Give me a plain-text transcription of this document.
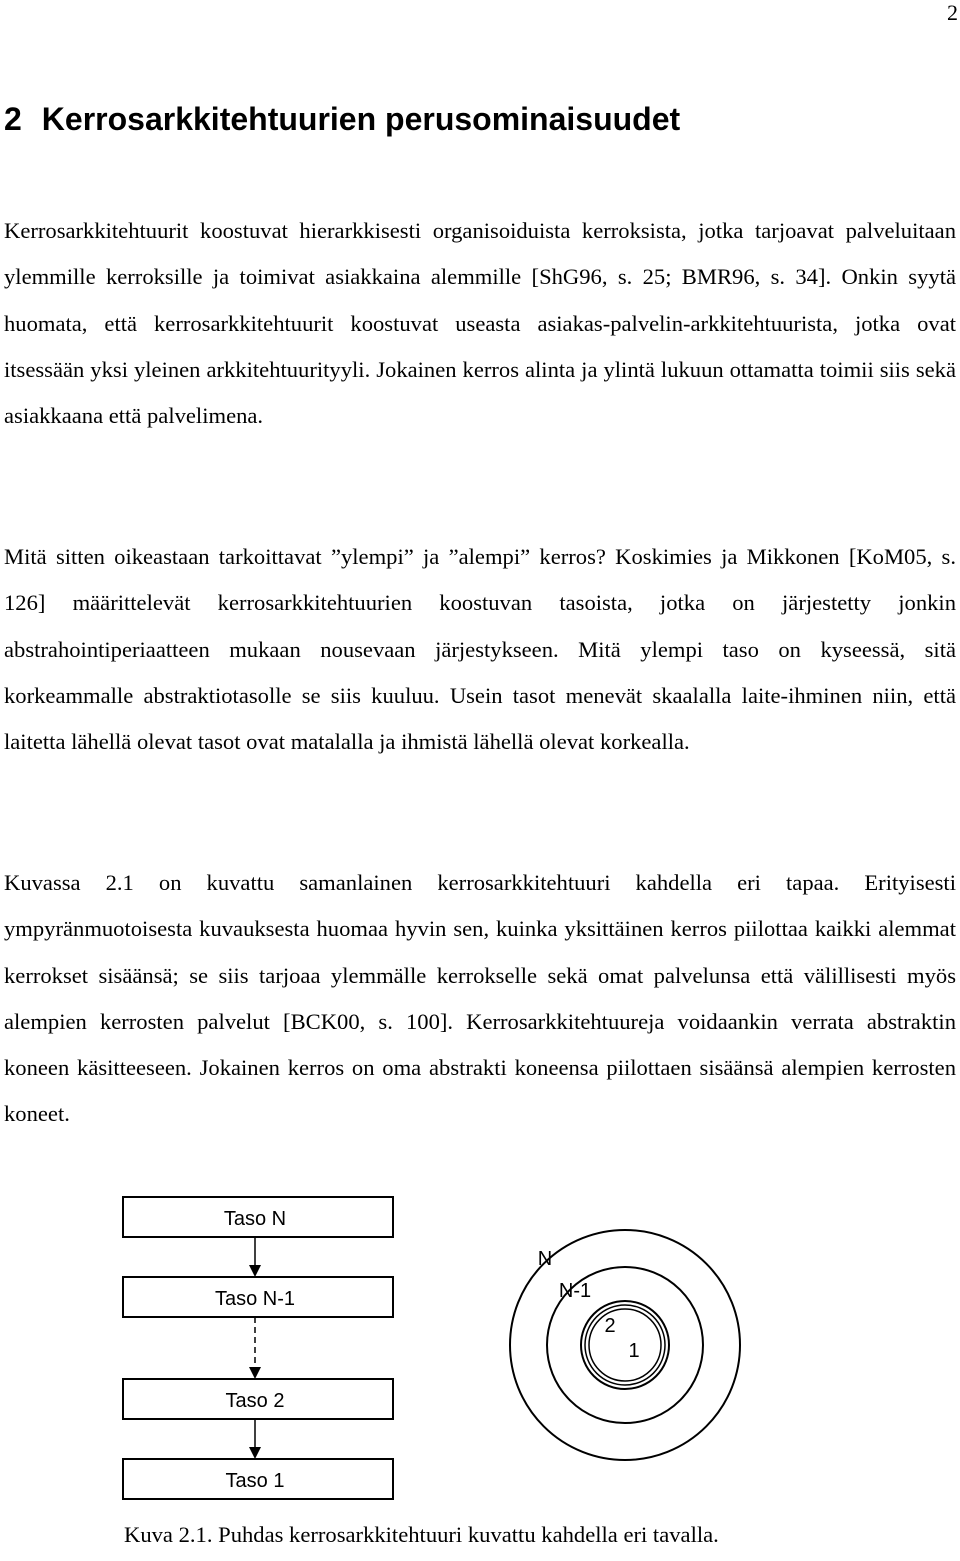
2
2 Kerrosarkkitehtuurien perusominaisuudet

Kerrosarkkitehtuurit koostuvat hierarkkisesti organisoiduista kerroksista, jotka tarjoavat palveluitaan ylemmille kerroksille ja toimivat asiakkaina alemmille [ShG96, s. 25; BMR96, s. 34]. Onkin syytä huomata, että kerrosarkkitehtuurit koostuvat useasta asiakas-palvelin-arkkitehtuurista, jotka ovat itsessään yksi yleinen arkkitehtuurityyli. Jokainen kerros alinta ja ylintä lukuun ottamatta toimii siis sekä asiakkaana että palvelimena.

Mitä sitten oikeastaan tarkoittavat ”ylempi” ja ”alempi” kerros? Koskimies ja Mikkonen [KoM05, s. 126] määrittelevät kerrosarkkitehtuurien koostuvan tasoista, jotka on järjestetty jonkin abstrahointiperiaatteen mukaan nousevaan järjestykseen. Mitä ylempi taso on kyseessä, sitä korkeammalle abstraktiotasolle se siis kuuluu. Usein tasot menevät skaalalla laite-ihminen niin, että laitetta lähellä olevat tasot ovat matalalla ja ihmistä lähellä olevat korkealla.

Kuvassa 2.1 on kuvattu samanlainen kerrosarkkitehtuuri kahdella eri tapaa. Erityisesti ympyränmuotoisesta kuvauksesta huomaa hyvin sen, kuinka yksittäinen kerros piilottaa kaikki alemmat kerrokset sisäänsä; se siis tarjoaa ylemmälle kerrokselle sekä omat palvelunsa että välillisesti myös alempien kerrosten palvelut [BCK00, s. 100]. Kerrosarkkitehtuureja voidaankin verrata abstraktin koneen käsitteeseen. Jokainen kerros on oma abstrakti koneensa piilottaen sisäänsä alempien kerrosten koneet.

Taso N
Taso N-1
Taso 2
Taso 1
N
N-1
2
1

Kuva 2.1. Puhdas kerrosarkkitehtuuri kuvattu kahdella eri tavalla.
